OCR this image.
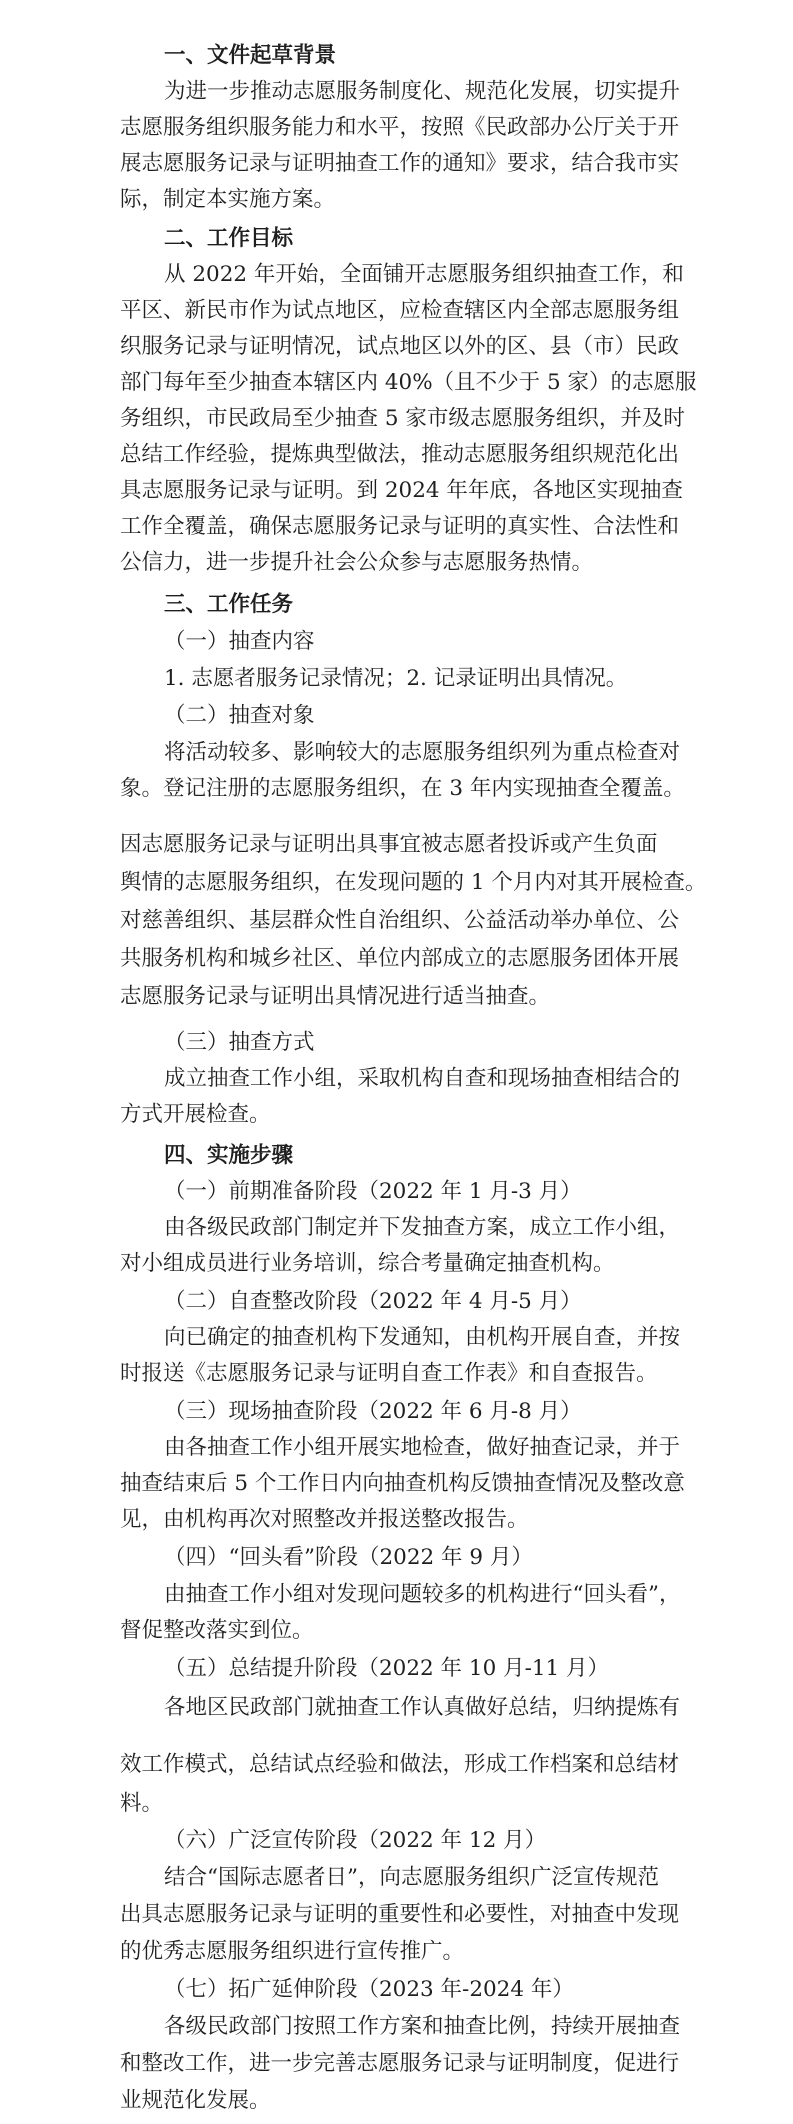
一、文件起草背景
为进一步推动志愿服务制度化、规范化发展，切实提升
志愿服务组织服务能力和水平，按照《民政部办公厅关于开
展志愿服务记录与证明抽查工作的通知》要求，结合我市实
际，制定本实施方案。
二、工作目标
从 2022 年开始，全面铺开志愿服务组织抽查工作，和
平区、新民市作为试点地区，应检查辖区内全部志愿服务组
织服务记录与证明情况，试点地区以外的区、县（市）民政
部门每年至少抽查本辖区内 40%（且不少于 5 家）的志愿服
务组织，市民政局至少抽查 5 家市级志愿服务组织，并及时
总结工作经验，提炼典型做法，推动志愿服务组织规范化出
具志愿服务记录与证明。到 2024 年年底，各地区实现抽查
工作全覆盖，确保志愿服务记录与证明的真实性、合法性和
公信力，进一步提升社会公众参与志愿服务热情。
三、工作任务
（一）抽查内容
1. 志愿者服务记录情况；2. 记录证明出具情况。
（二）抽查对象
将活动较多、影响较大的志愿服务组织列为重点检查对
象。登记注册的志愿服务组织，在 3 年内实现抽查全覆盖。
因志愿服务记录与证明出具事宜被志愿者投诉或产生负面
舆情的志愿服务组织，在发现问题的 1 个月内对其开展检查。
对慈善组织、基层群众性自治组织、公益活动举办单位、公
共服务机构和城乡社区、单位内部成立的志愿服务团体开展
志愿服务记录与证明出具情况进行适当抽查。
（三）抽查方式
成立抽查工作小组，采取机构自查和现场抽查相结合的
方式开展检查。
四、实施步骤
（一）前期准备阶段（2022 年 1 月-3 月）
由各级民政部门制定并下发抽查方案，成立工作小组，
对小组成员进行业务培训，综合考量确定抽查机构。
（二）自查整改阶段（2022 年 4 月-5 月）
向已确定的抽查机构下发通知，由机构开展自查，并按
时报送《志愿服务记录与证明自查工作表》和自查报告。
（三）现场抽查阶段（2022 年 6 月-8 月）
由各抽查工作小组开展实地检查，做好抽查记录，并于
抽查结束后 5 个工作日内向抽查机构反馈抽查情况及整改意
见，由机构再次对照整改并报送整改报告。
（四）“回头看”阶段（2022 年 9 月）
由抽查工作小组对发现问题较多的机构进行“回头看”，
督促整改落实到位。
（五）总结提升阶段（2022 年 10 月-11 月）
各地区民政部门就抽查工作认真做好总结，归纳提炼有
效工作模式，总结试点经验和做法，形成工作档案和总结材
料。
（六）广泛宣传阶段（2022 年 12 月）
结合“国际志愿者日”，向志愿服务组织广泛宣传规范
出具志愿服务记录与证明的重要性和必要性，对抽查中发现
的优秀志愿服务组织进行宣传推广。
（七）拓广延伸阶段（2023 年-2024 年）
各级民政部门按照工作方案和抽查比例，持续开展抽查
和整改工作，进一步完善志愿服务记录与证明制度，促进行
业规范化发展。
